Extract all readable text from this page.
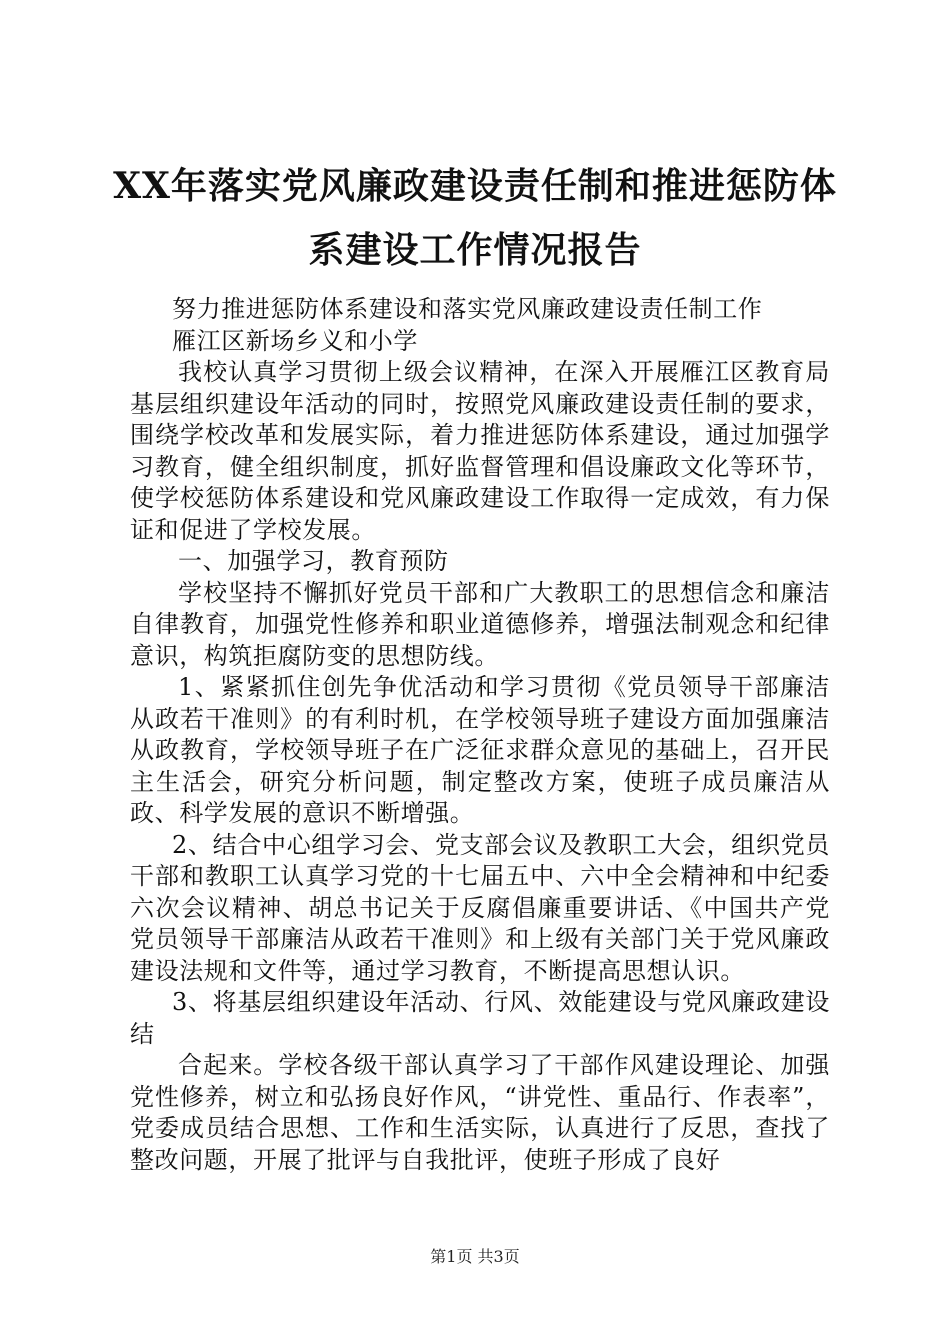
XX年落实党风廉政建设责任制和推进惩防体
系建设工作情况报告

努力推进惩防体系建设和落实党风廉政建设责任制工作

雁江区新场乡义和小学

我校认真学习贯彻上级会议精神，在深入开展雁江区教育局基层组织建设年活动的同时，按照党风廉政建设责任制的要求，围绕学校改革和发展实际，着力推进惩防体系建设，通过加强学习教育，健全组织制度，抓好监督管理和倡设廉政文化等环节，使学校惩防体系建设和党风廉政建设工作取得一定成效，有力保证和促进了学校发展。

一、加强学习，教育预防

学校坚持不懈抓好党员干部和广大教职工的思想信念和廉洁自律教育，加强党性修养和职业道德修养，增强法制观念和纪律意识，构筑拒腐防变的思想防线。

1、紧紧抓住创先争优活动和学习贯彻《党员领导干部廉洁从政若干准则》的有利时机，在学校领导班子建设方面加强廉洁从政教育，学校领导班子在广泛征求群众意见的基础上，召开民主生活会，研究分析问题，制定整改方案，使班子成员廉洁从政、科学发展的意识不断增强。

2、结合中心组学习会、党支部会议及教职工大会，组织党员干部和教职工认真学习党的十七届五中、六中全会精神和中纪委六次会议精神、胡总书记关于反腐倡廉重要讲话、《中国共产党党员领导干部廉洁从政若干准则》和上级有关部门关于党风廉政建设法规和文件等，通过学习教育，不断提高思想认识。

3、将基层组织建设年活动、行风、效能建设与党风廉政建设结

合起来。学校各级干部认真学习了干部作风建设理论、加强党性修养，树立和弘扬良好作风，“讲党性、重品行、作表率”，党委成员结合思想、工作和生活实际，认真进行了反思，查找了整改问题，开展了批评与自我批评，使班子形成了良好

第1页 共3页
